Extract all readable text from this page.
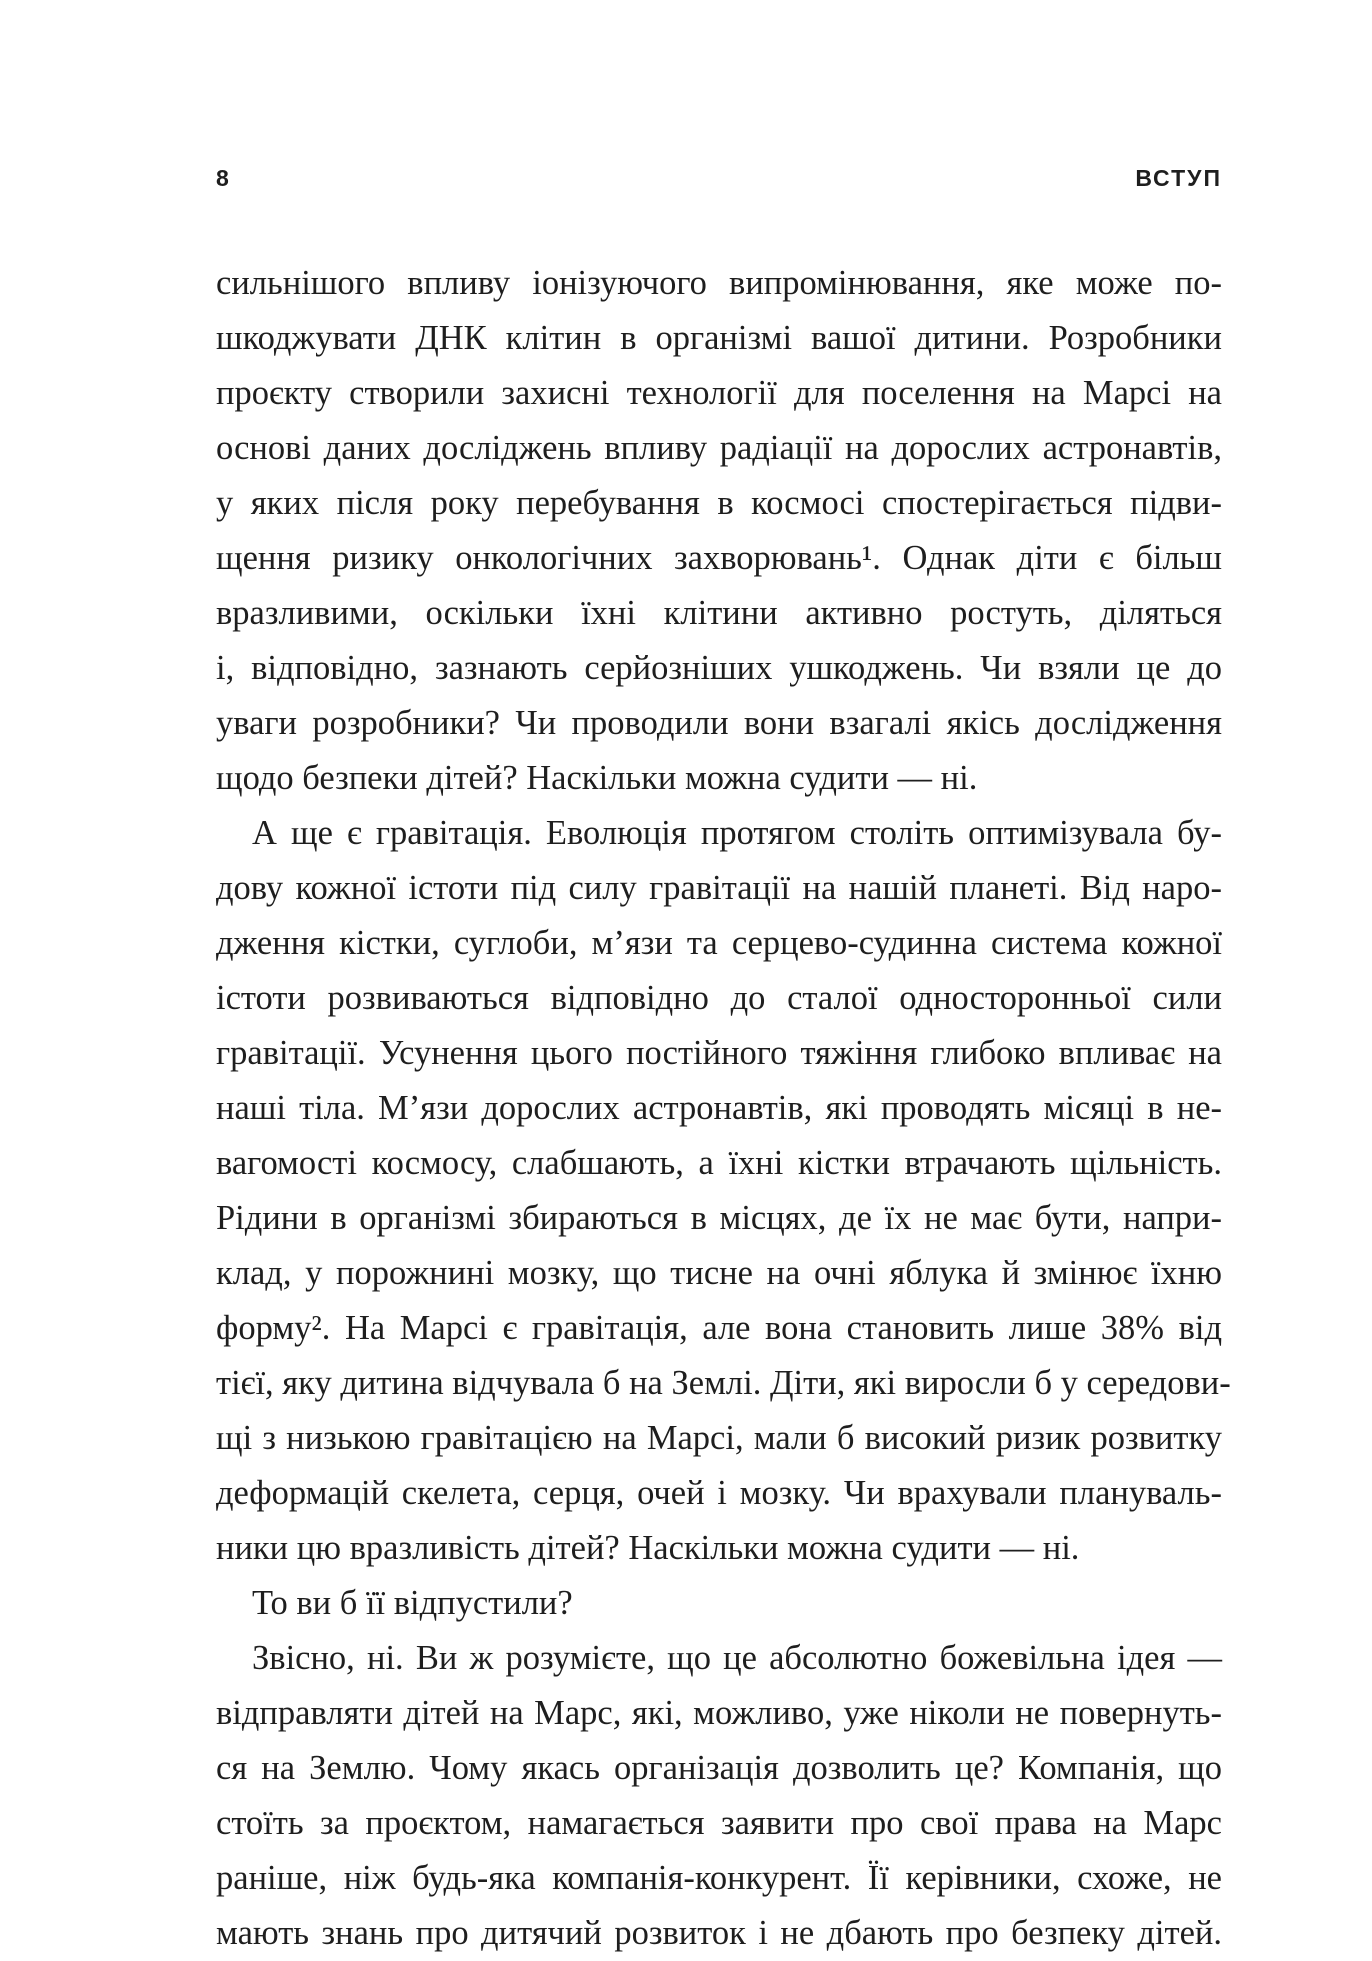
8	ВСТУП
сильнішого впливу іонізуючого випромінювання, яке може по-
шкоджувати ДНК клітин в організмі вашої дитини. Розробники
проєкту створили захисні технології для поселення на Марсі на
основі даних досліджень впливу радіації на дорослих астронавтів,
у яких після року перебування в космосі спостерігається підви-
щення ризику онкологічних захворювань¹. Однак діти є більш
вразливими, оскільки їхні клітини активно ростуть, діляться
і, відповідно, зазнають серйозніших ушкоджень. Чи взяли це до
уваги розробники? Чи проводили вони взагалі якісь дослідження
щодо безпеки дітей? Наскільки можна судити — ні.
А ще є гравітація. Еволюція протягом століть оптимізувала бу-
дову кожної істоти під силу гравітації на нашій планеті. Від наро-
дження кістки, суглоби, м’язи та серцево-судинна система кожної
істоти розвиваються відповідно до сталої односторонньої сили
гравітації. Усунення цього постійного тяжіння глибоко впливає на
наші тіла. М’язи дорослих астронавтів, які проводять місяці в не-
вагомості космосу, слабшають, а їхні кістки втрачають щільність.
Рідини в організмі збираються в місцях, де їх не має бути, напри-
клад, у порожнині мозку, що тисне на очні яблука й змінює їхню
форму². На Марсі є гравітація, але вона становить лише 38% від
тієї, яку дитина відчувала б на Землі. Діти, які виросли б у середови-
щі з низькою гравітацією на Марсі, мали б високий ризик розвитку
деформацій скелета, серця, очей і мозку. Чи врахували плануваль-
ники цю вразливість дітей? Наскільки можна судити — ні.
То ви б її відпустили?
Звісно, ні. Ви ж розумієте, що це абсолютно божевільна ідея —
відправляти дітей на Марс, які, можливо, уже ніколи не повернуть-
ся на Землю. Чому якась організація дозволить це? Компанія, що
стоїть за проєктом, намагається заявити про свої права на Марс
раніше, ніж будь-яка компанія-конкурент. Її керівники, схоже, не
мають знань про дитячий розвиток і не дбають про безпеку дітей.
